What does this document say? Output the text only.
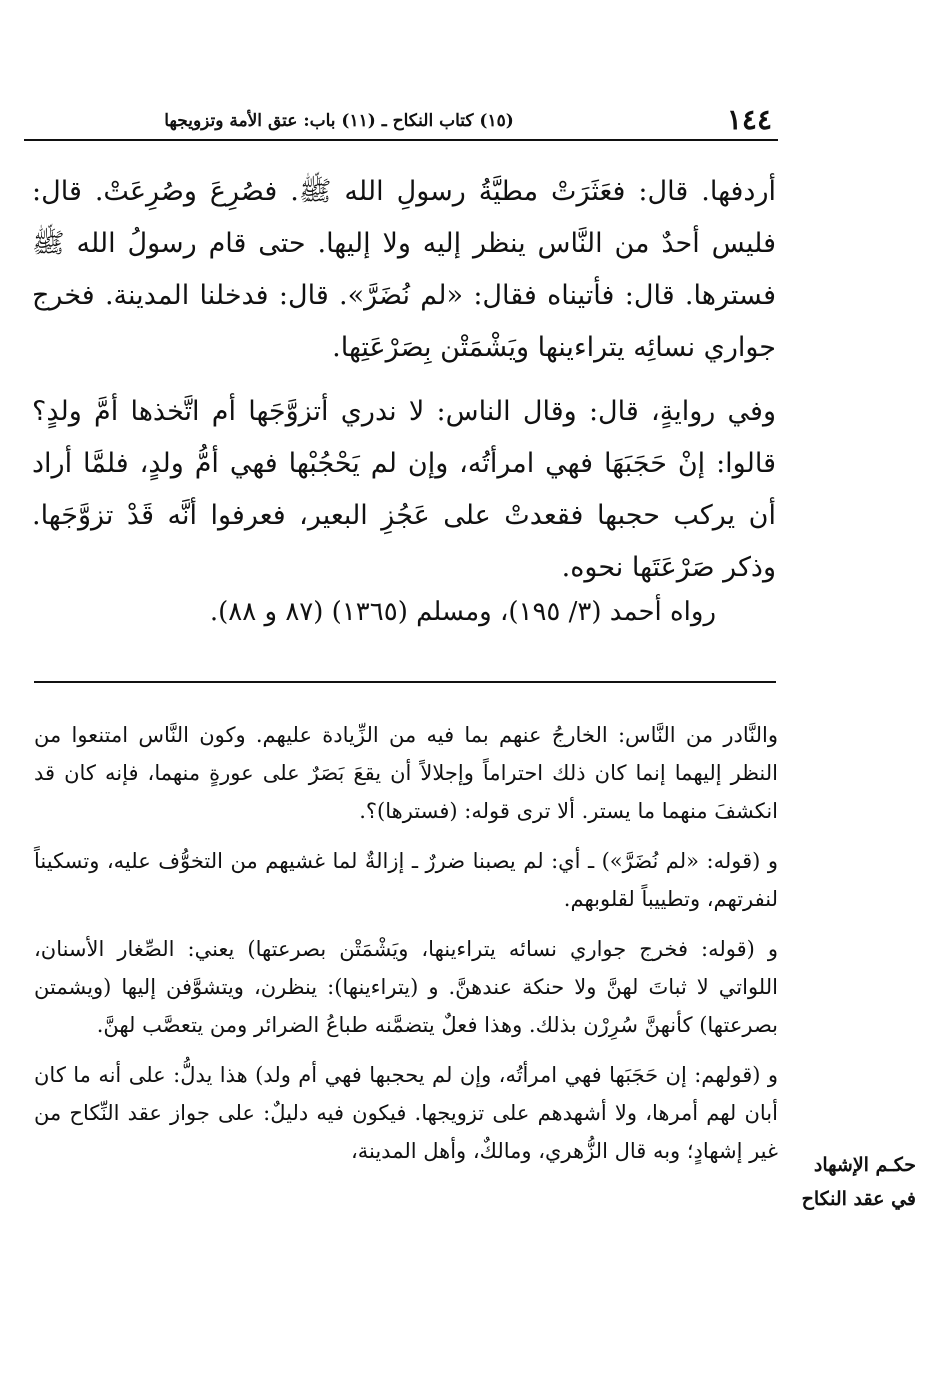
١٤٤
(١٥) كتاب النكاح ـ (١١) باب: عتق الأمة وتزويجها

أردفها. قال: فعَثَرَتْ مطيَّةُ رسولِ الله ﷺ. فصُرِعَ وصُرِعَتْ. قال: فليس أحدٌ من النَّاس ينظر إليه ولا إليها. حتى قام رسولُ الله ﷺ فسترها. قال: فأتيناه فقال: «لم نُضَرَّ». قال: فدخلنا المدينة. فخرج جواري نسائِه يتراءينها ويَشْمَتْن بِصَرْعَتِها.

وفي روايةٍ، قال: وقال الناس: لا ندري أتزوَّجَها أم اتَّخذها أمَّ ولدٍ؟ قالوا: إنْ حَجَبَهَا فهي امرأتُه، وإن لم يَحْجُبْها فهي أمُّ ولدٍ، فلمَّا أراد أن يركب حجبها فقعدتْ على عَجُزِ البعير، فعرفوا أنَّه قَدْ تزوَّجَها. وذكر صَرْعَتَها نحوه.

رواه أحمد (٣/ ١٩٥)، ومسلم (١٣٦٥) (٨٧ و ٨٨).

والنَّادر من النَّاس: الخارجُ عنهم بما فيه من الزِّيادة عليهم. وكون النَّاس امتنعوا من النظر إليهما إنما كان ذلك احتراماً وإجلالاً أن يقعَ بَصَرٌ على عورةٍ منهما، فإنه كان قد انكشفَ منهما ما يستر. ألا ترى قوله: (فسترها)؟.

و (قوله: «لم نُضَرَّ») ـ أي: لم يصبنا ضررٌ ـ إزالةٌ لما غشيهم من التخوُّف عليه، وتسكيناً لنفرتهم، وتطييباً لقلوبهم.

و (قوله: فخرج جواري نسائه يتراءينها، ويَشْمَتْن بصرعتها) يعني: الصِّغار الأسنان، اللواتي لا ثباتَ لهنَّ ولا حنكة عندهنَّ. و (يتراءينها): ينظرن، ويتشوَّفن إليها (ويشمتن بصرعتها) كأنهنَّ سُرِرْن بذلك. وهذا فعلٌ يتضمَّنه طباعُ الضرائر ومن يتعصَّب لهنَّ.

و (قولهم: إن حَجَبَها فهي امرأتُه، وإن لم يحجبها فهي أم ولد) هذا يدلُّ: على أنه ما كان أبان لهم أمرها، ولا أشهدهم على تزويجها. فيكون فيه دليلٌ: على جواز عقد النِّكاح من غير إشهادٍ؛ وبه قال الزُّهري، ومالكٌ، وأهل المدينة،

حكـم الإشهاد
في عقد النكاح
